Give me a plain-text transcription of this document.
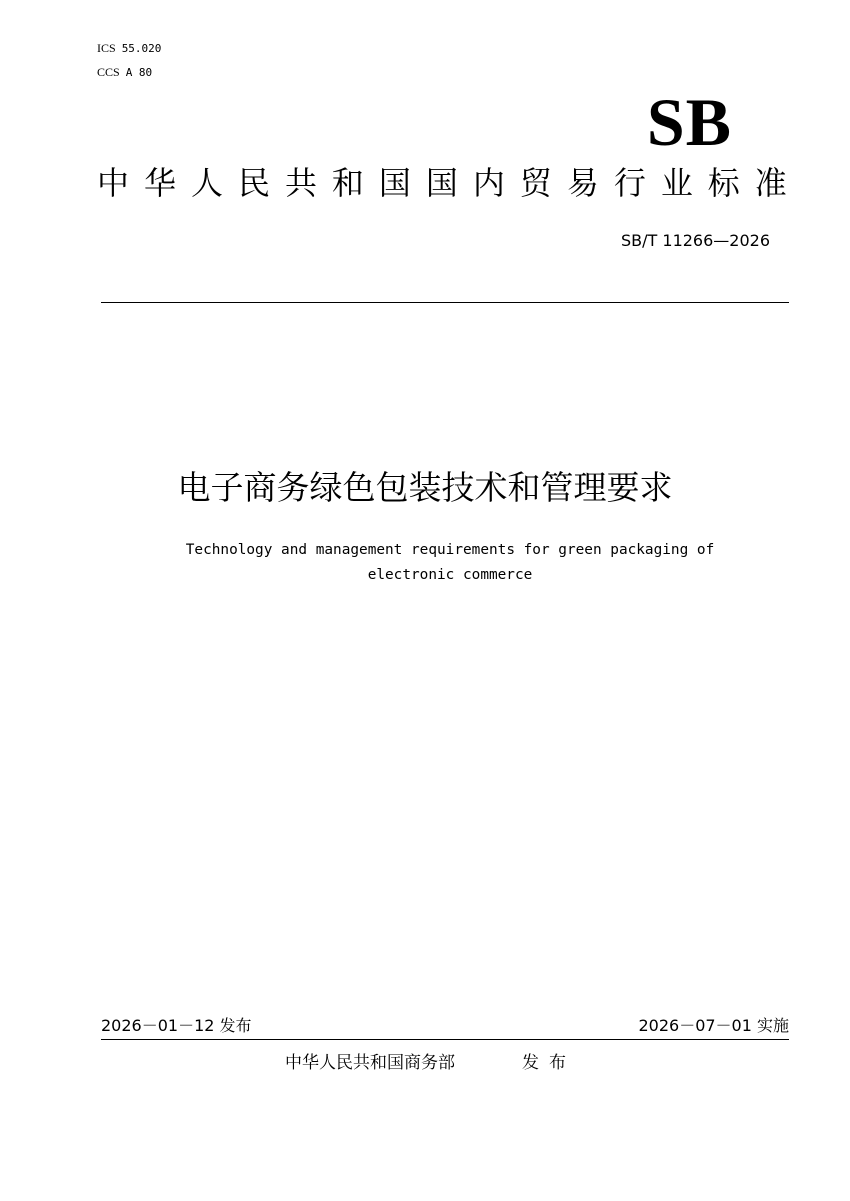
ICS 55.020
CCS A 80
SB
中 华 人 民 共 和 国 国 内 贸 易 行 业 标 准
SB/T 11266—2026
电子商务绿色包装技术和管理要求
Technology and management requirements for green packaging of
electronic commerce
2026－01－12 发布	2026－07－01 实施
中华人民共和国商务部	发布
